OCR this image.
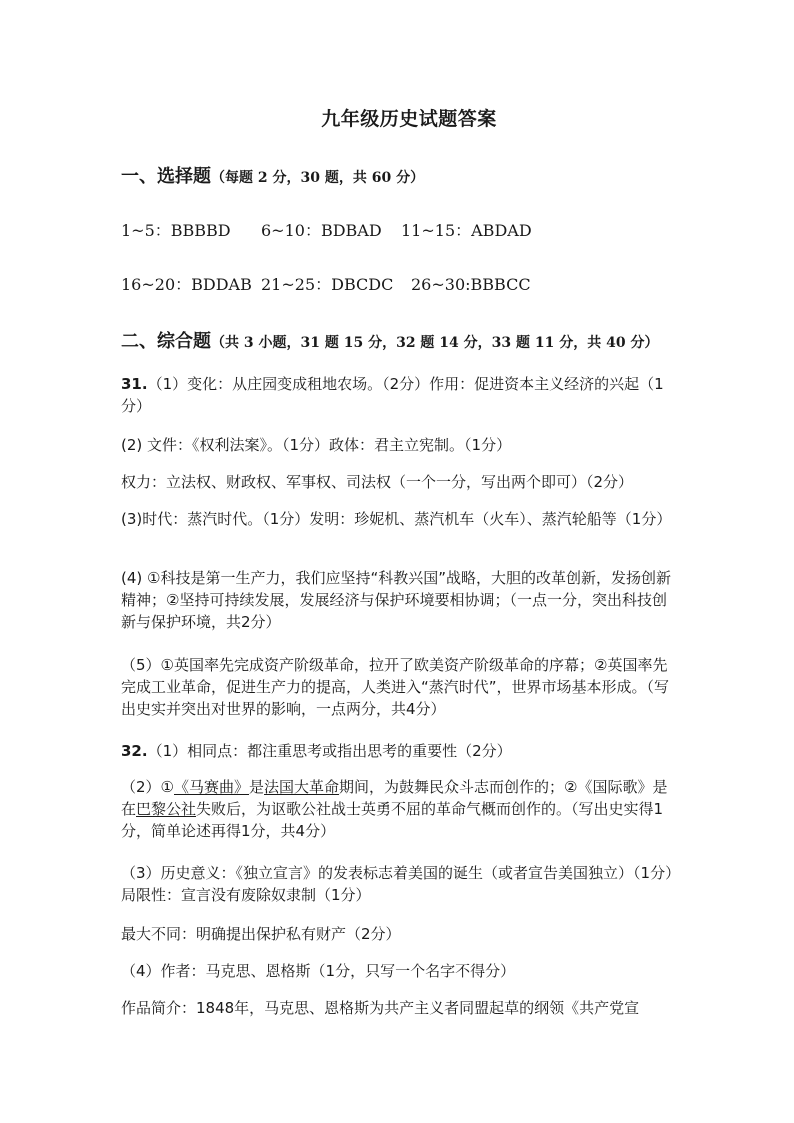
九年级历史试题答案
一、选择题（每题 2 分，30 题，共 60 分）
1~5：BBBBD 6~10：BDBAD 11~15：ABDAD
16~20：BDDAB 21~25：DBCDC 26~30:BBBCC
二、综合题（共 3 小题，31 题 15 分，32 题 14 分，33 题 11 分，共 40 分）
31.（1）变化：从庄园变成租地农场。（2分）作用：促进资本主义经济的兴起（1分）
(2) 文件：《权利法案》。（1分）政体：君主立宪制。（1分）
权力：立法权、财政权、军事权、司法权（一个一分，写出两个即可）（2分）
(3)时代：蒸汽时代。（1分）发明：珍妮机、蒸汽机车（火车）、蒸汽轮船等（1分）
(4) ①科技是第一生产力，我们应坚持“科教兴国”战略，大胆的改革创新，发扬创新精神；②坚持可持续发展，发展经济与保护环境要相协调；（一点一分，突出科技创新与保护环境，共2分）
（5）①英国率先完成资产阶级革命，拉开了欧美资产阶级革命的序幕；②英国率先完成工业革命，促进生产力的提高，人类进入“蒸汽时代”，世界市场基本形成。（写出史实并突出对世界的影响，一点两分，共4分）
32.（1）相同点：都注重思考或指出思考的重要性（2分）
（2）①《马赛曲》是法国大革命期间，为鼓舞民众斗志而创作的；②《国际歌》是在巴黎公社失败后，为讴歌公社战士英勇不屈的革命气概而创作的。（写出史实得1分，简单论述再得1分，共4分）
（3）历史意义：《独立宣言》的发表标志着美国的诞生（或者宣告美国独立）（1分） 局限性：宣言没有废除奴隶制（1分）
最大不同：明确提出保护私有财产（2分）
（4）作者：马克思、恩格斯（1分，只写一个名字不得分）
作品简介：1848年，马克思、恩格斯为共产主义者同盟起草的纲领《共产党宣
